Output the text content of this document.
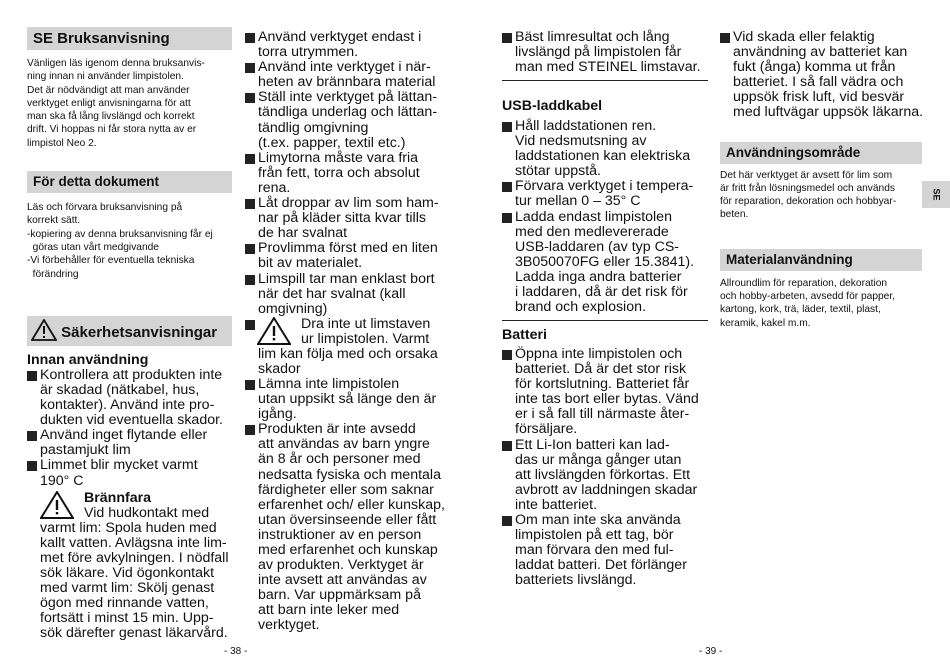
SE Bruksanvisning
Vänligen läs igenom denna bruksanvis-
ning innan ni använder limpistolen.
Det är nödvändigt att man använder
verktyget enligt anvisningarna för att
man ska få lång livslängd och korrekt
drift. Vi hoppas ni får stora nytta av er
limpistol Neo 2.
För detta dokument
Läs och förvara bruksanvisning på
korrekt sätt.
-kopiering av denna bruksanvisning får ej
göras utan vårt medgivande
-Vi förbehåller för eventuella tekniska
förändring
Säkerhetsanvisningar
Innan användning
Kontrollera att produkten inte
är skadad (nätkabel, hus,
kontakter). Använd inte pro-
dukten vid eventuella skador.
Använd inget flytande eller
pastamjukt lim
Limmet blir mycket varmt
190° C
Brännfara
Vid hudkontakt med
varmt lim: Spola huden med
kallt vatten. Avlägsna inte lim-
met före avkylningen. I nödfall
sök läkare. Vid ögonkontakt
med varmt lim: Skölj genast
ögon med rinnande vatten,
fortsätt i minst 15 min. Upp-
sök därefter genast läkarvård.
Använd verktyget endast i
torra utrymmen.
Använd inte verktyget i när-
heten av brännbara material
Ställ inte verktyget på lättan-
tändliga underlag och lättan-
tändlig omgivning
(t.ex. papper, textil etc.)
Limytorna måste vara fria
från fett, torra och absolut
rena.
Låt droppar av lim som ham-
nar på kläder sitta kvar tills
de har svalnat
Provlimma först med en liten
bit av materialet.
Limspill tar man enklast bort
när det har svalnat (kall
omgivning)
Dra inte ut limstaven
ur limpistolen. Varmt
lim kan följa med och orsaka
skador
Lämna inte limpistolen
utan uppsikt så länge den är
igång.
Produkten är inte avsedd
att användas av barn yngre
än 8 år och personer med
nedsatta fysiska och mentala
färdigheter eller som saknar
erfarenhet och/ eller kunskap,
utan översinseende eller fått
instruktioner av en person
med erfarenhet och kunskap
av produkten. Verktyget är
inte avsett att användas av
barn. Var uppmärksam på
att barn inte leker med
verktyget.
- 38 -
Bäst limresultat och lång
livslängd på limpistolen får
man med STEINEL limstavar.
USB-laddkabel
Håll laddstationen ren.
Vid nedsmutsning av
laddstationen kan elektriska
stötar uppstå.
Förvara verktyget i tempera-
tur mellan 0 – 35° C
Ladda endast limpistolen
med den medlevererade
USB-laddaren (av typ CS-
3B050070FG eller 15.3841).
Ladda inga andra batterier
i laddaren, då är det risk för
brand och explosion.
Batteri
Öppna inte limpistolen och
batteriet. Då är det stor risk
för kortslutning. Batteriet får
inte tas bort eller bytas. Vänd
er i så fall till närmaste åter-
försäljare.
Ett Li-Ion batteri kan lad-
das ur många gånger utan
att livslängden förkortas. Ett
avbrott av laddningen skadar
inte batteriet.
Om man inte ska använda
limpistolen på ett tag, bör
man förvara den med ful-
laddat batteri. Det förlänger
batteriets livslängd.
Vid skada eller felaktig
användning av batteriet kan
fukt (ånga) komma ut från
batteriet. I så fall vädra och
uppsök frisk luft, vid besvär
med luftvägar uppsök läkarna.
Användningsområde
Det här verktyget är avsett för lim som
är fritt från lösningsmedel och används
för reparation, dekoration och hobbyar-
beten.
Materialanvändning
Allroundlim för reparation, dekoration
och hobby-arbeten, avsedd för papper,
kartong, kork, trä, läder, textil, plast,
keramik, kakel m.m.
SE
- 39 -
